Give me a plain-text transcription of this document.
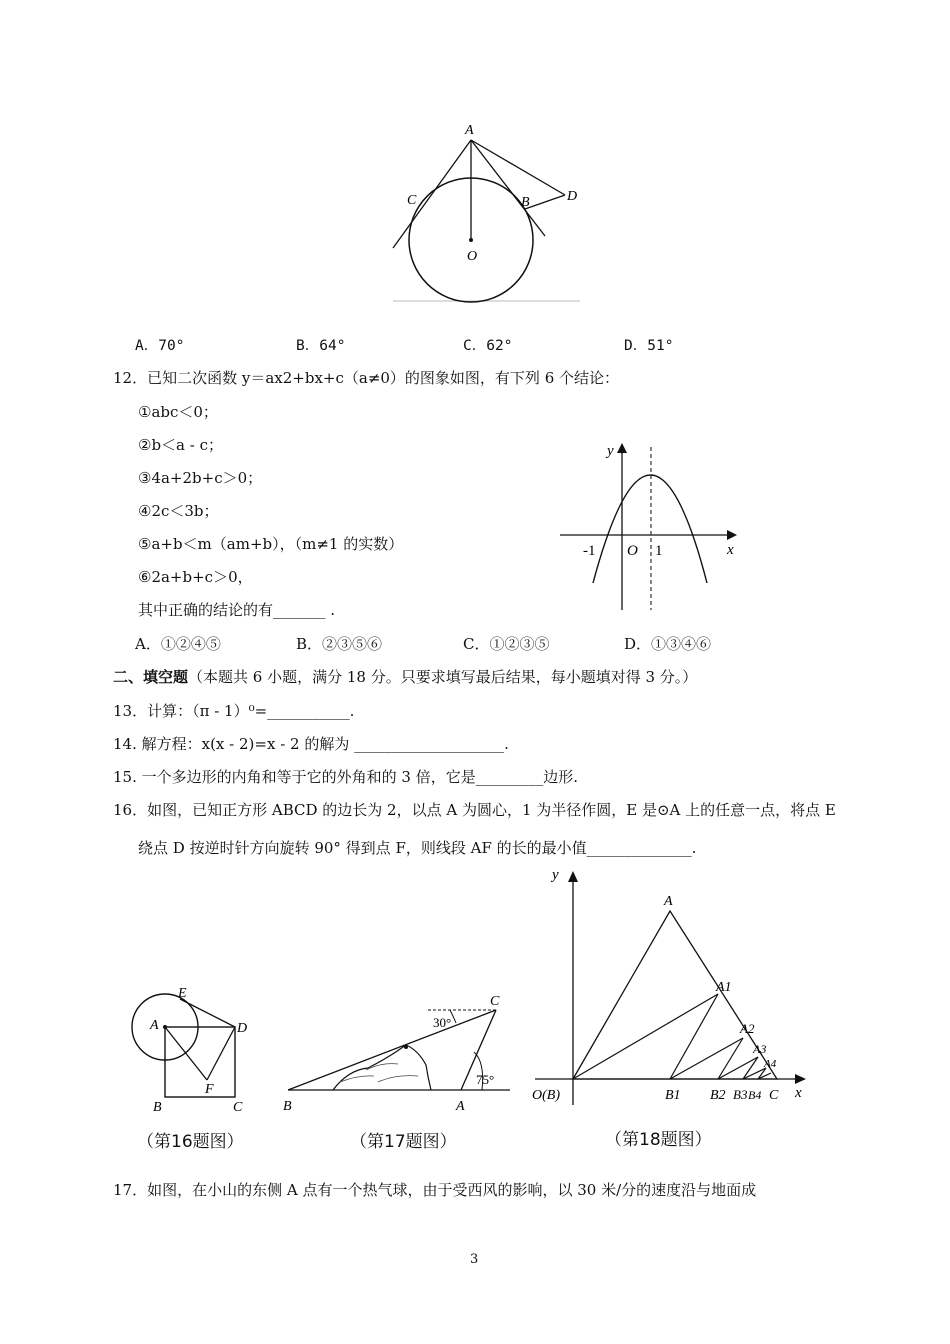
A
C	B	D
O
A．70°	B．64°	C．62°	D．51°
12．已知二次函数 y＝ax2+bx+c（a≠0）的图象如图，有下列 6 个结论：
①abc＜0；
②b＜a - c；
③4a+2b+c＞0；
④2c＜3b；
⑤a+b＜m（am+b），（m≠1 的实数）
⑥2a+b+c＞0，
其中正确的结论的有_______ .
y
x
-1 O 1
A．①②④⑤	B．②③⑤⑥	C．①②③⑤	D．①③④⑥
二、填空题（本题共 6 小题，满分 18 分。只要求填写最后结果，每小题填对得 3 分。）
13．计算：（π - 1）⁰=___________.
14. 解方程：x(x - 2)=x - 2 的解为 ____________________.
15. 一个多边形的内角和等于它的外角和的 3 倍，它是_________边形.
16．如图，已知正方形 ABCD 的边长为 2，以点 A 为圆心，1 为半径作圆，E 是⊙A 上的任意一点，将点 E
绕点 D 按逆时针方向旋转 90° 得到点 F，则线段 AF 的长的最小值______________.
E
A	D
F
B	C
（第16题图）
C
30°
75°
B	A
（第17题图）
y
x
A
A1
A2
A3
A4
O(B)	B1 B2 B3 B4 C
（第18题图）
17．如图，在小山的东侧 A 点有一个热气球，由于受西风的影响，以 30 米/分的速度沿与地面成
3
